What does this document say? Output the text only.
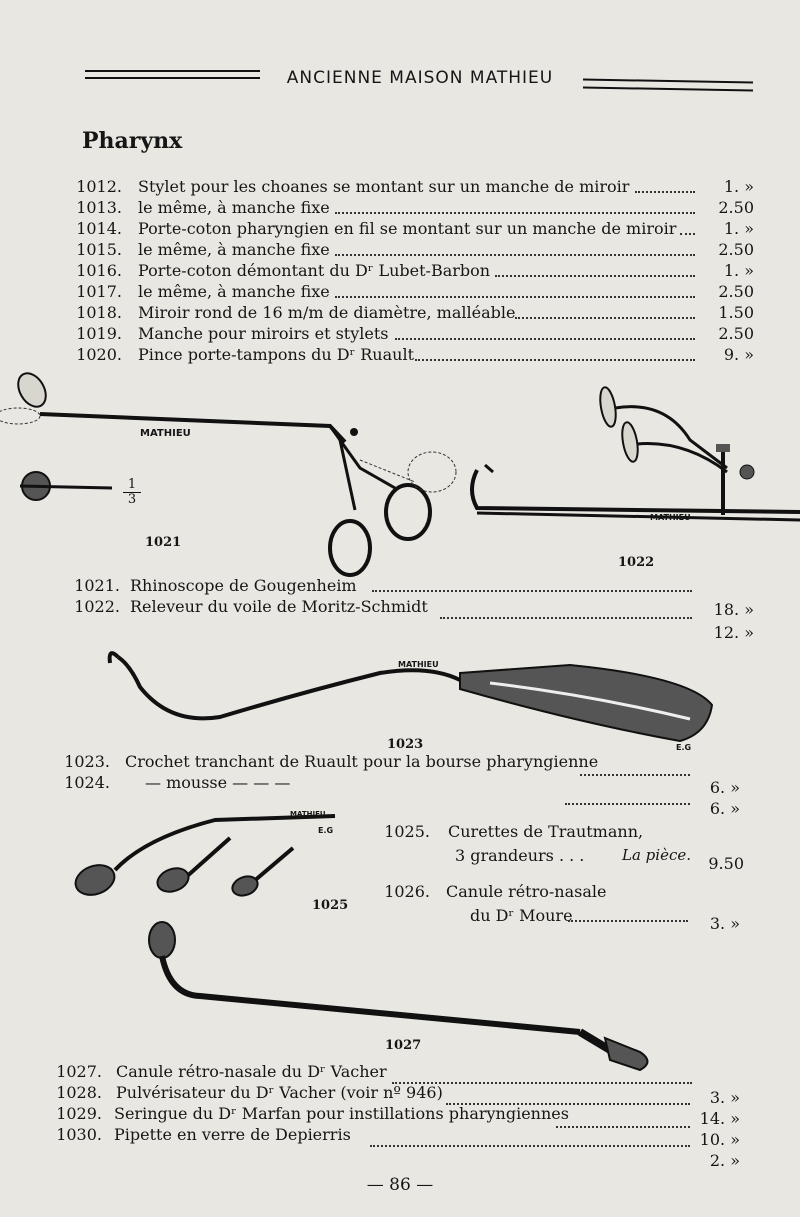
ANCIENNE MAISON MATHIEU
Pharynx
1012. Stylet pour les choanes se montant sur un manche de miroir	1. »
1013. le même, à manche fixe	2.50
1014. Porte-coton pharyngien en fil se montant sur un manche de miroir	1. »
1015. le même, à manche fixe	2.50
1016. Porte-coton démontant du Dʳ Lubet-Barbon	1. »
1017. le même, à manche fixe	2.50
1018. Miroir rond de 16 m/m de diamètre, malléable	1.50
1019. Manche pour miroirs et stylets	2.50
1020. Pince porte-tampons du Dʳ Ruault	9. »
MATHIEU
$\frac{1}{3}$
1021
MATHIEU
1022
1021. Rhinoscope de Gougenheim
18. »
1022. Releveur du voile de Moritz-Schmidt
12. »
MATHIEU
E.G
1023
1023. Crochet tranchant de Ruault pour la bourse pharyngienne
6. »
1024. — mousse — — —
6. »
MATHIEU
E.G
1025
1025. Curettes de Trautmann,
3 grandeurs . . .	La pièce.	9.50
1026. Canule rétro-nasale
du Dʳ Moure	3. »
1027
1027. Canule rétro-nasale du Dʳ Vacher
3. »
1028. Pulvérisateur du Dʳ Vacher (voir nº 946)
14. »
1029. Seringue du Dʳ Marfan pour instillations pharyngiennes
10. »
1030. Pipette en verre de Depierris
2. »
— 86 —
